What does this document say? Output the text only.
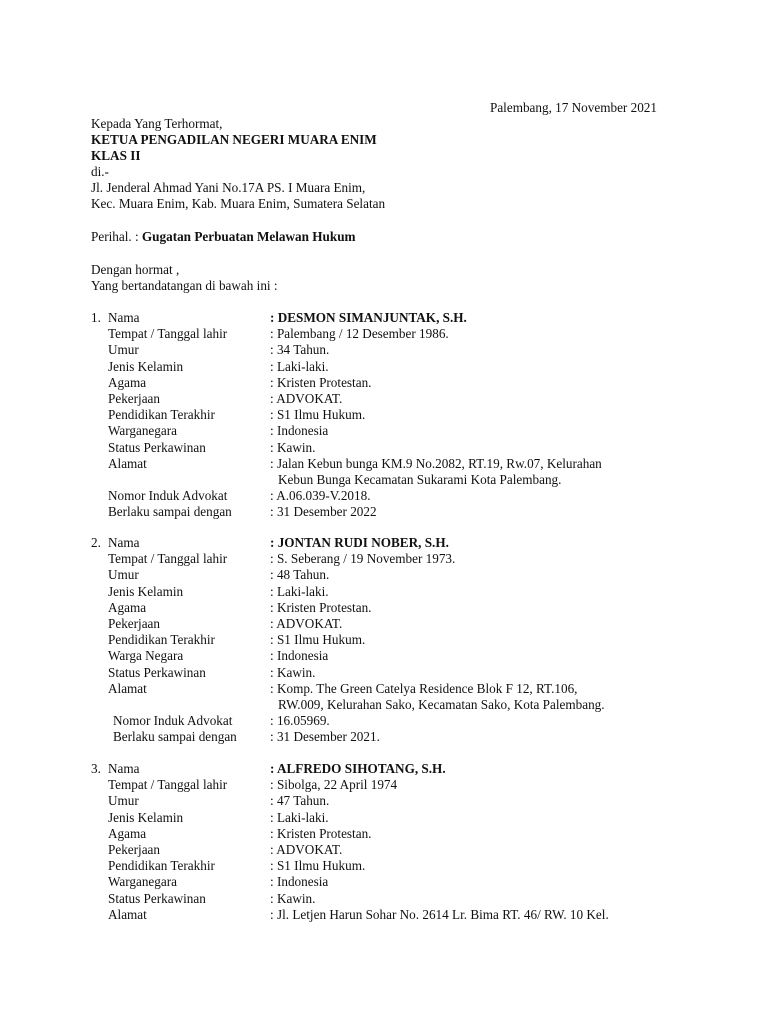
Palembang, 17 November 2021
Kepada Yang Terhormat,
KETUA PENGADILAN NEGERI MUARA ENIM
KLAS II
di.-
Jl. Jenderal Ahmad Yani No.17A PS. I Muara Enim,
Kec. Muara Enim, Kab. Muara Enim, Sumatera Selatan
Perihal. : Gugatan Perbuatan Melawan Hukum
Dengan hormat ,
Yang bertandatangan di bawah ini :
1. Nama	: DESMON SIMANJUNTAK, S.H.
Tempat / Tanggal lahir	: Palembang / 12 Desember 1986.
Umur	: 34 Tahun.
Jenis Kelamin	: Laki-laki.
Agama	: Kristen Protestan.
Pekerjaan	: ADVOKAT.
Pendidikan Terakhir	: S1 Ilmu Hukum.
Warganegara	: Indonesia
Status Perkawinan	: Kawin.
Alamat	: Jalan Kebun bunga KM.9 No.2082, RT.19, Rw.07, Kelurahan
Kebun Bunga Kecamatan Sukarami Kota Palembang.
Nomor Induk Advokat	: A.06.039-V.2018.
Berlaku sampai dengan	: 31 Desember 2022
2. Nama	: JONTAN RUDI NOBER, S.H.
Tempat / Tanggal lahir	: S. Seberang / 19 November 1973.
Umur	: 48 Tahun.
Jenis Kelamin	: Laki-laki.
Agama	: Kristen Protestan.
Pekerjaan	: ADVOKAT.
Pendidikan Terakhir	: S1 Ilmu Hukum.
Warga Negara	: Indonesia
Status Perkawinan	: Kawin.
Alamat	: Komp. The Green Catelya Residence Blok F 12, RT.106,
RW.009, Kelurahan Sako, Kecamatan Sako, Kota Palembang.
Nomor Induk Advokat	: 16.05969.
Berlaku sampai dengan	: 31 Desember 2021.
3. Nama	: ALFREDO SIHOTANG, S.H.
Tempat / Tanggal lahir	: Sibolga, 22 April 1974
Umur	: 47 Tahun.
Jenis Kelamin	: Laki-laki.
Agama	: Kristen Protestan.
Pekerjaan	: ADVOKAT.
Pendidikan Terakhir	: S1 Ilmu Hukum.
Warganegara	: Indonesia
Status Perkawinan	: Kawin.
Alamat	: Jl. Letjen Harun Sohar No. 2614 Lr. Bima RT. 46/ RW. 10 Kel.
